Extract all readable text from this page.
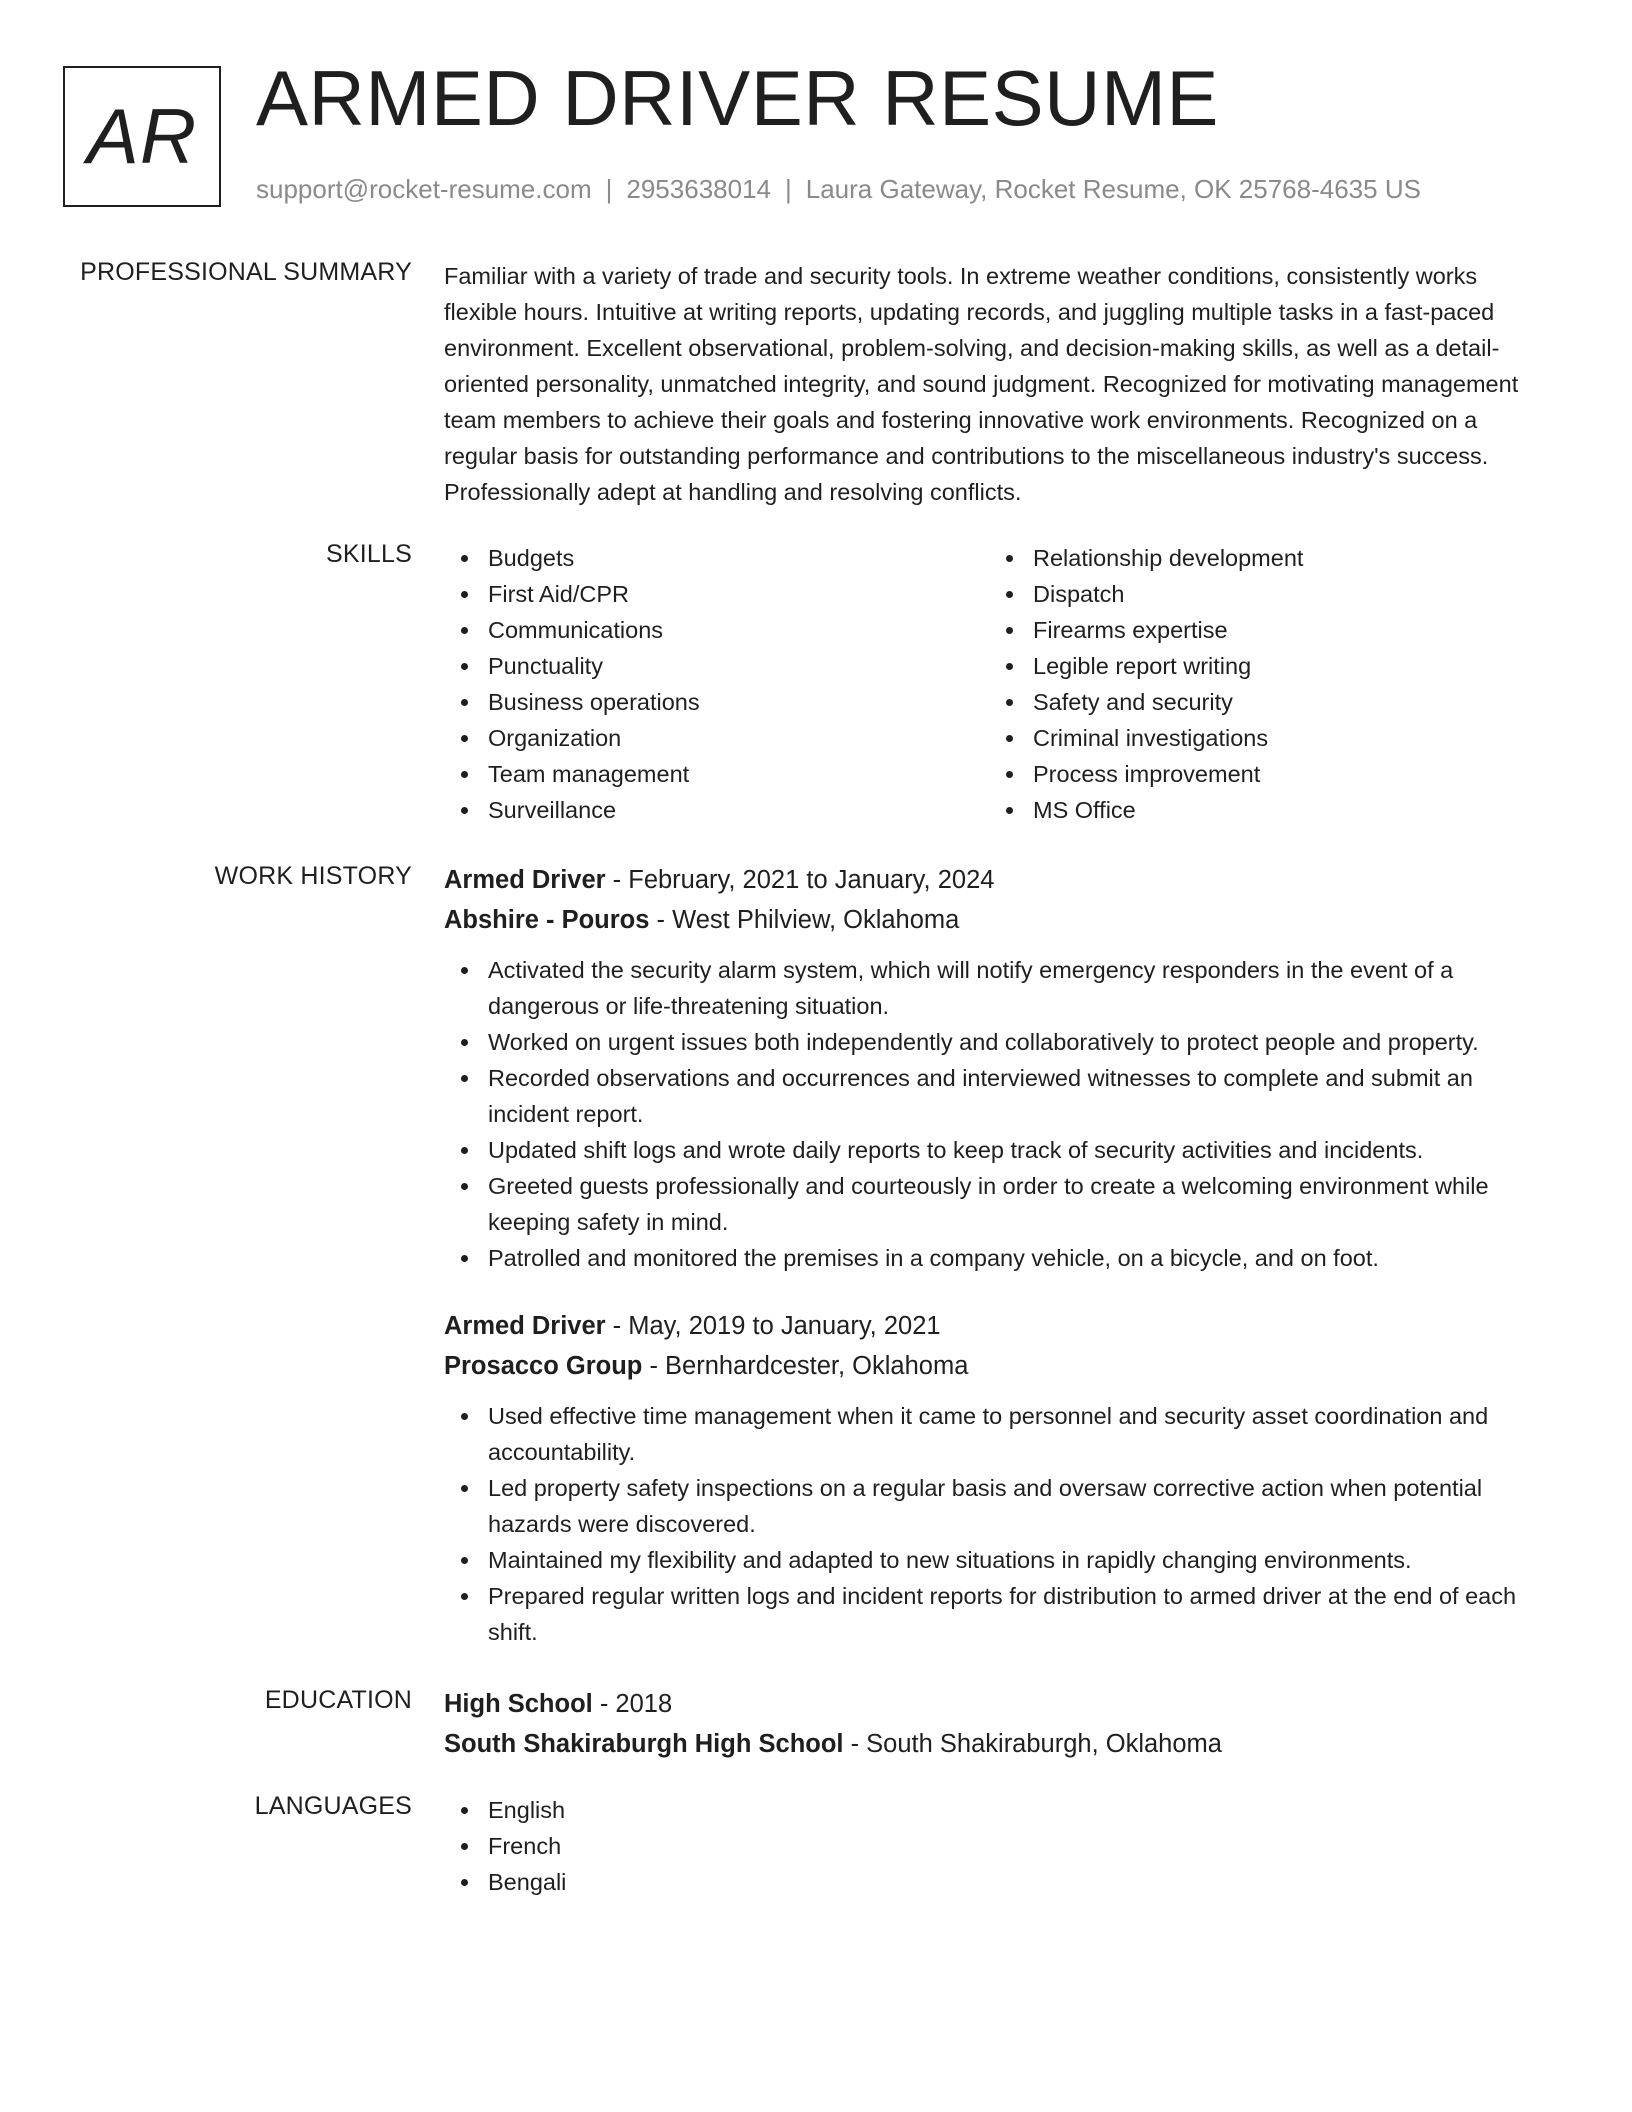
AR ARMED DRIVER RESUME
support@rocket-resume.com | 2953638014 | Laura Gateway, Rocket Resume, OK 25768-4635 US
PROFESSIONAL SUMMARY Familiar with a variety of trade and security tools. In extreme weather conditions, consistently works flexible hours. Intuitive at writing reports, updating records, and juggling multiple tasks in a fast-paced environment. Excellent observational, problem-solving, and decision-making skills, as well as a detail-oriented personality, unmatched integrity, and sound judgment. Recognized for motivating management team members to achieve their goals and fostering innovative work environments. Recognized on a regular basis for outstanding performance and contributions to the miscellaneous industry's success. Professionally adept at handling and resolving conflicts.

SKILLS	Budgets
First Aid/CPR
Communications
Punctuality
Business operations
Organization
Team management
Surveillance
Relationship development
Dispatch
Firearms expertise
Legible report writing
Safety and security
Criminal investigations
Process improvement
MS Office
WORK HISTORY Armed Driver - February, 2021 to January, 2024
Abshire - Pouros - West Philview, Oklahoma
Activated the security alarm system, which will notify emergency responders in the event of a dangerous or life-threatening situation.
Worked on urgent issues both independently and collaboratively to protect people and property.
Recorded observations and occurrences and interviewed witnesses to complete and submit an incident report.
Updated shift logs and wrote daily reports to keep track of security activities and incidents.
Greeted guests professionally and courteously in order to create a welcoming environment while keeping safety in mind.
Patrolled and monitored the premises in a company vehicle, on a bicycle, and on foot.
Armed Driver - May, 2019 to January, 2021
Prosacco Group - Bernhardcester, Oklahoma
Used effective time management when it came to personnel and security asset coordination and accountability.
Led property safety inspections on a regular basis and oversaw corrective action when potential hazards were discovered.
Maintained my flexibility and adapted to new situations in rapidly changing environments.
Prepared regular written logs and incident reports for distribution to armed driver at the end of each shift.
EDUCATION High School - 2018
South Shakiraburgh High School - South Shakiraburgh, Oklahoma
LANGUAGES	English
French
Bengali
